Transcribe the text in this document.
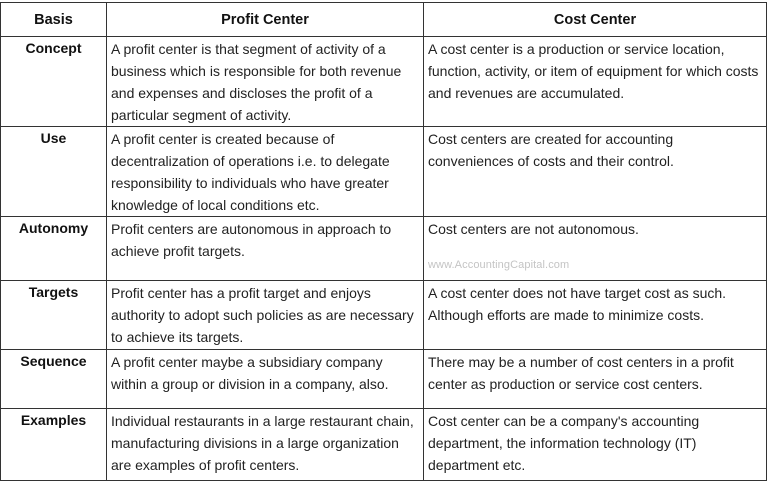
Basis	Profit Center	Cost Center
Concept	A profit center is that segment of activity of a business which is responsible for both revenue and expenses and discloses the profit of a particular segment of activity.	A cost center is a production or service location, function, activity, or item of equipment for which costs and revenues are accumulated.

Use	A profit center is created because of decentralization of operations i.e. to delegate responsibility to individuals who have greater knowledge of local conditions etc.	Cost centers are created for accounting conveniences of costs and their control.

Autonomy	Profit centers are autonomous in approach to achieve profit targets.	Cost centers are not autonomous.

Targets	Profit center has a profit target and enjoys authority to adopt such policies as are necessary to achieve its targets.	A cost center does not have target cost as such. Although efforts are made to minimize costs.

Sequence	A profit center maybe a subsidiary company within a group or division in a company, also.	There may be a number of cost centers in a profit center as production or service cost centers.

Examples	Individual restaurants in a large restaurant chain, manufacturing divisions in a large organization are examples of profit centers.	Cost center can be a company's accounting department, the information technology (IT) department etc.
www.AccountingCapital.com
